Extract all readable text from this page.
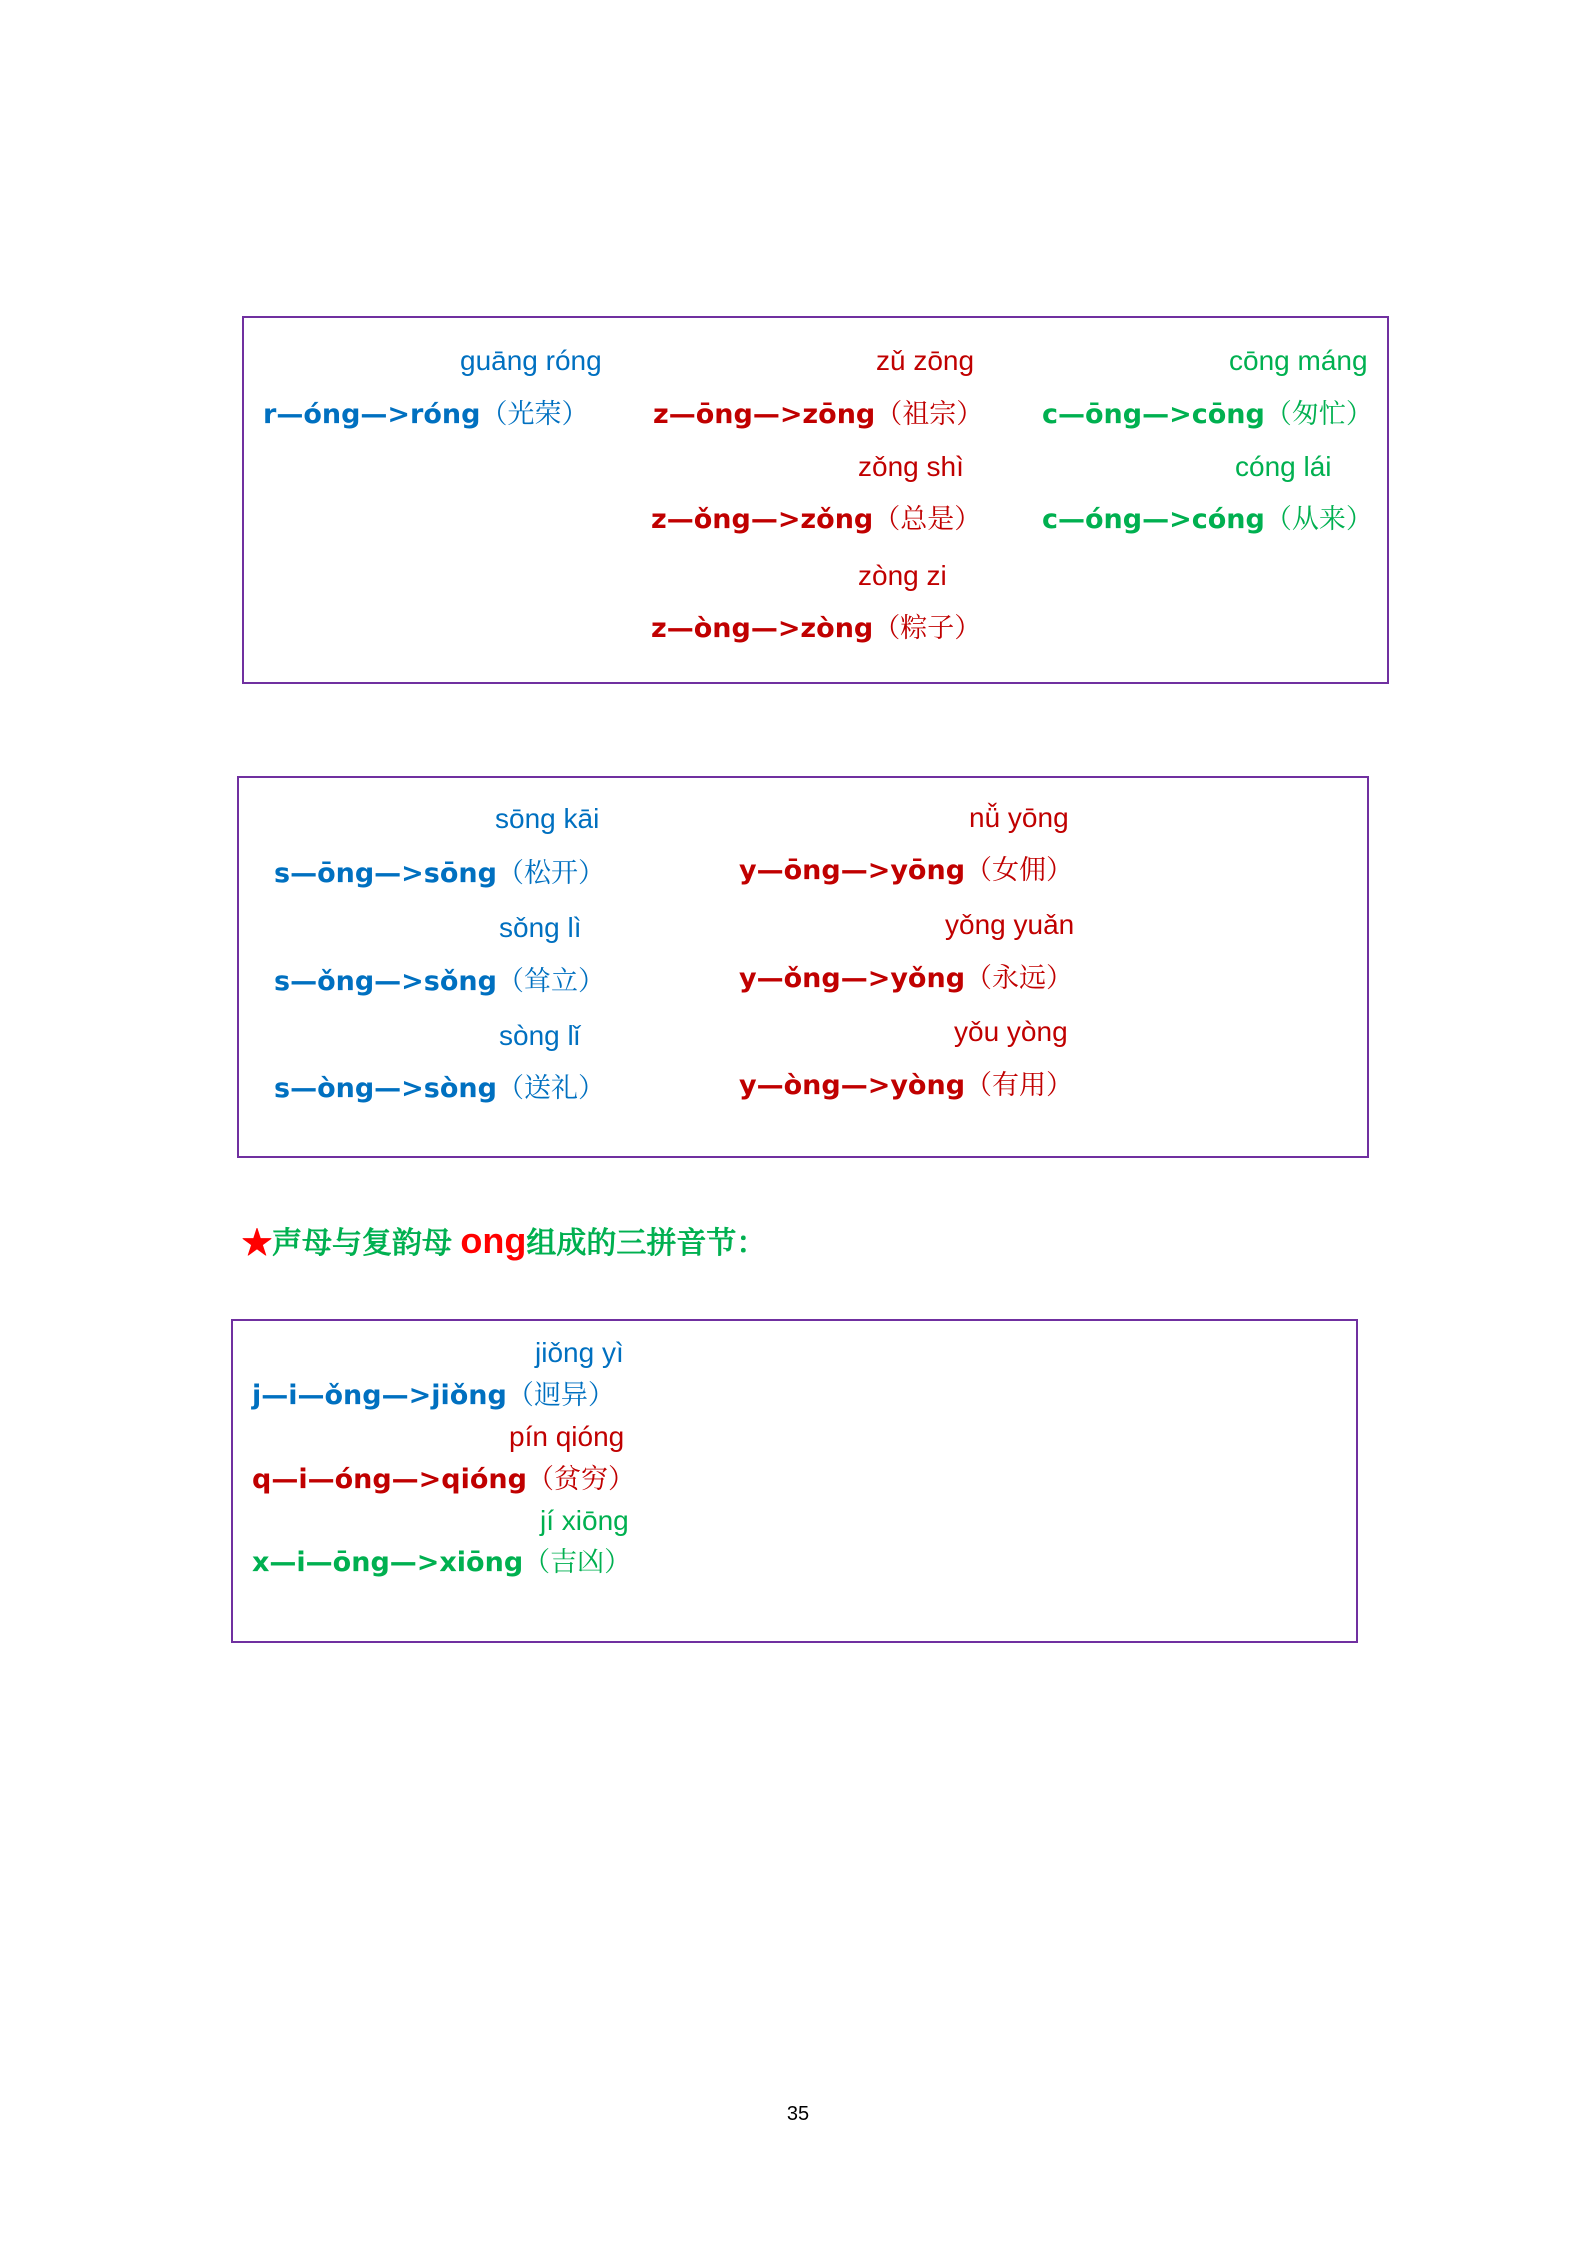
guāng róng
r—óng—>róng（光荣）
zǔ zōng
z—ōng—>zōng（祖宗）
zǒng shì
z—ǒng—>zǒng（总是）
zòng zi
z—òng—>zòng（粽子）
cōng máng
c—ōng—>cōng（匆忙）
cóng lái
c—óng—>cóng（从来）
sōng kāi
s—ōng—>sōng（松开）
sǒng lì
s—ǒng—>sǒng（耸立）
sòng lǐ
s—òng—>sòng（送礼）
nǚ yōng
y—ōng—>yōng（女佣）
yǒng yuǎn
y—ǒng—>yǒng（永远）
yǒu yòng
y—òng—>yòng（有用）
★声母与复韵母 ong组成的三拼音节：
jiǒng yì
j—i—ǒng—>jiǒng（迥异）
pín qióng
q—i—óng—>qióng（贫穷）
jí xiōng
x—i—ōng—>xiōng（吉凶）
35
